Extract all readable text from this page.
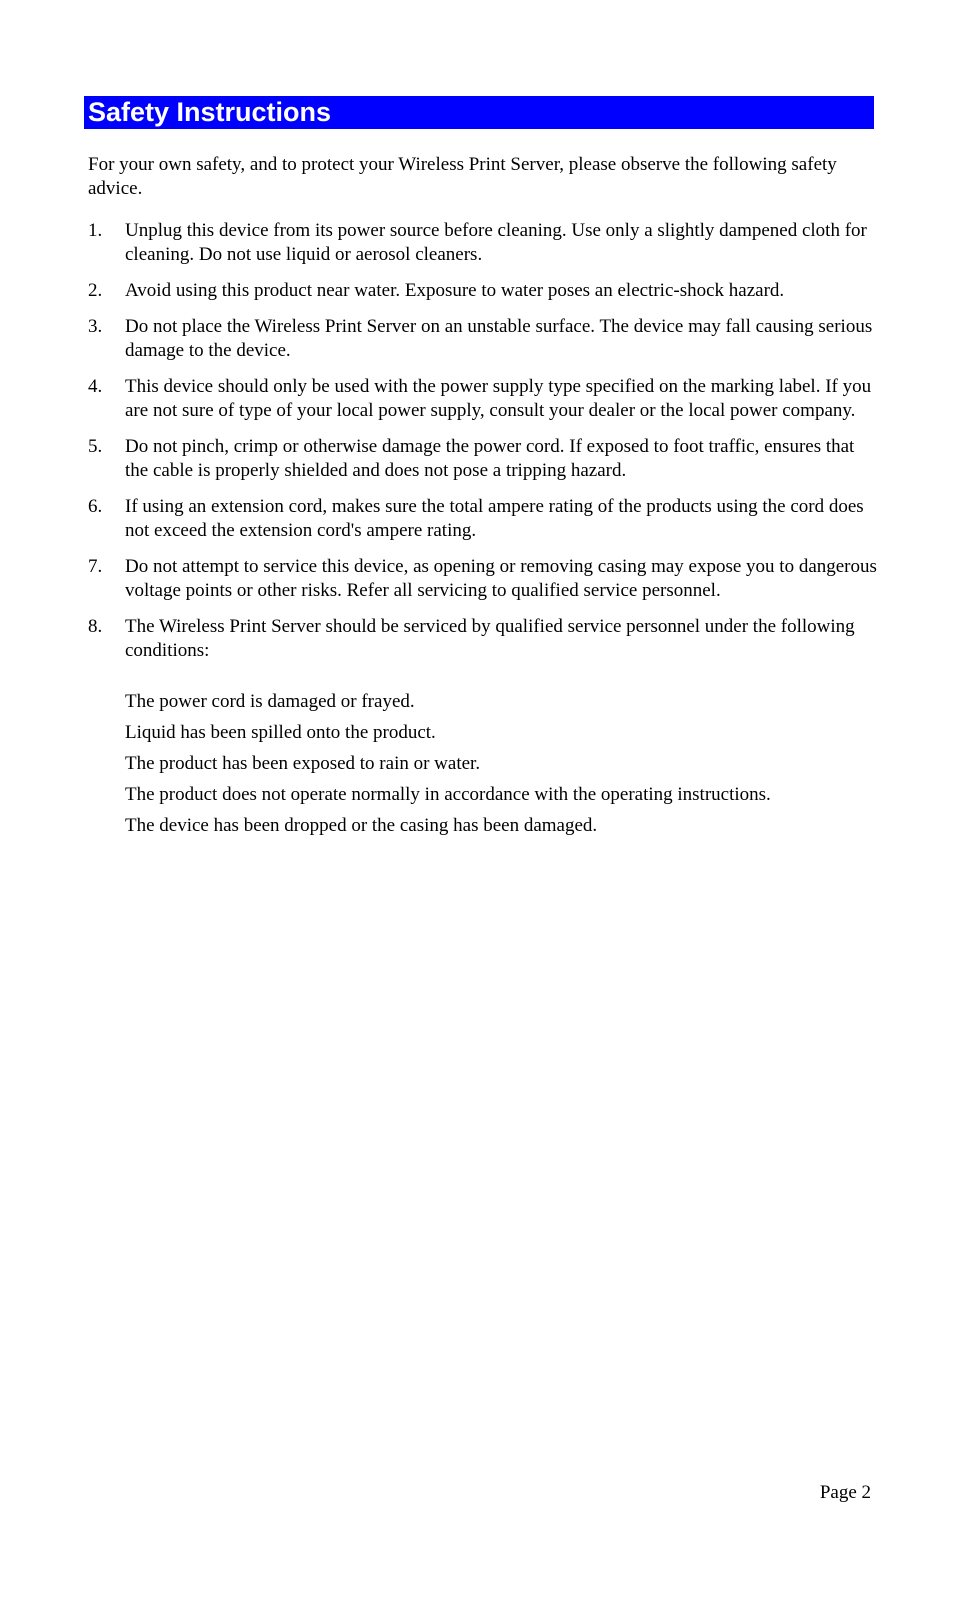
Safety Instructions

For your own safety, and to protect your Wireless Print Server, please observe the following safety advice.

1.	Unplug this device from its power source before cleaning. Use only a slightly dampened cloth for cleaning. Do not use liquid or aerosol cleaners.
2.	Avoid using this product near water. Exposure to water poses an electric-shock hazard.
3.	Do not place the Wireless Print Server on an unstable surface. The device may fall causing serious damage to the device.
4.	This device should only be used with the power supply type specified on the marking label. If you are not sure of type of your local power supply, consult your dealer or the local power company.
5.	Do not pinch, crimp or otherwise damage the power cord. If exposed to foot traffic, ensures that the cable is properly shielded and does not pose a tripping hazard.
6.	If using an extension cord, makes sure the total ampere rating of the products using the cord does not exceed the extension cord's ampere rating.
7.	Do not attempt to service this device, as opening or removing casing may expose you to dangerous voltage points or other risks. Refer all servicing to qualified service personnel.
8.	The Wireless Print Server should be serviced by qualified service personnel under the following conditions:
The power cord is damaged or frayed.
Liquid has been spilled onto the product.
The product has been exposed to rain or water.
The product does not operate normally in accordance with the operating instructions.
The device has been dropped or the casing has been damaged.
Page 2
